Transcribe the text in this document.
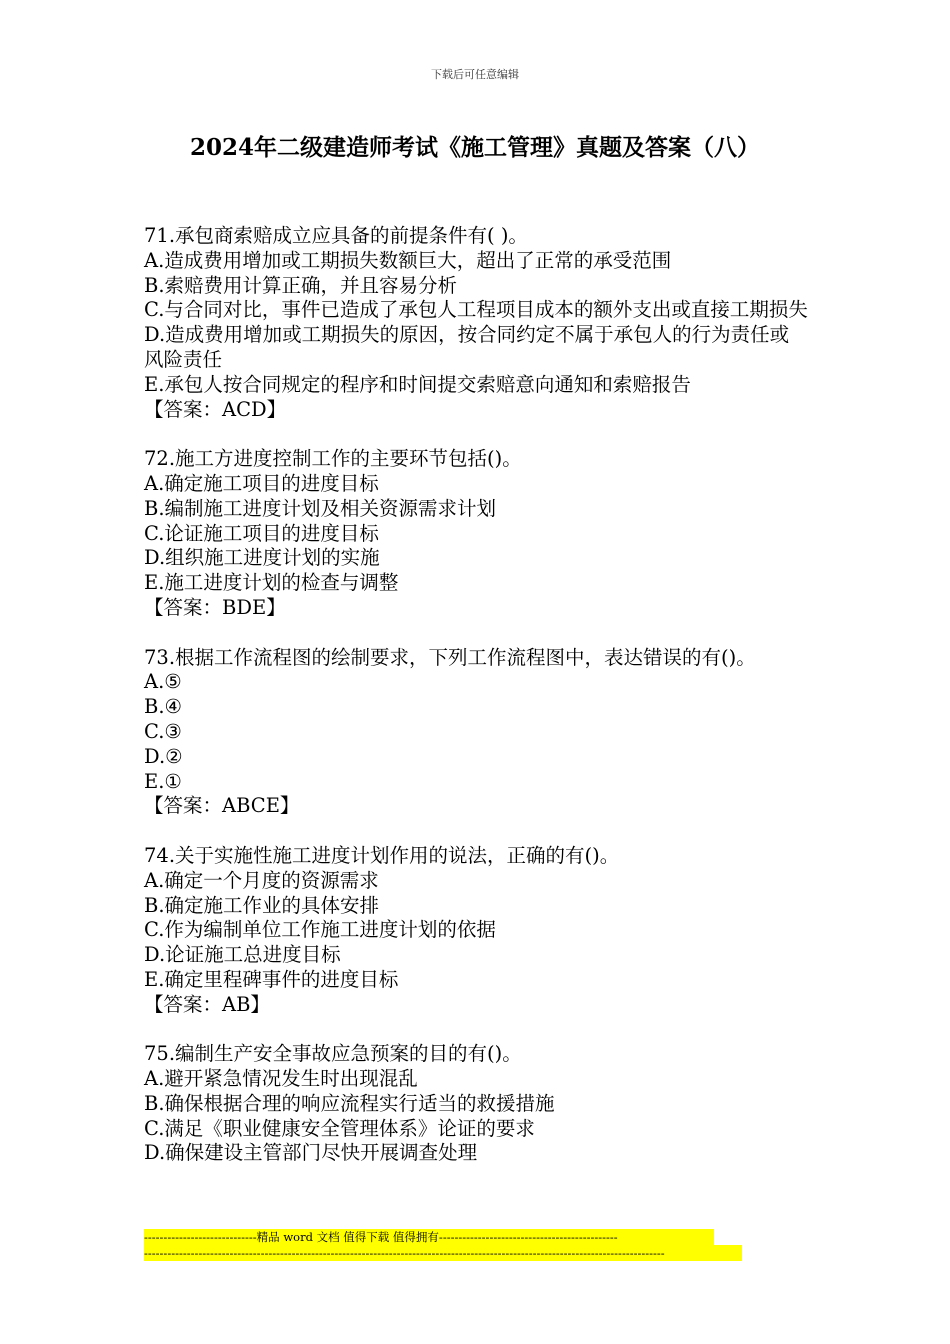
下载后可任意编辑
2024年二级建造师考试《施工管理》真题及答案（八）

71.承包商索赔成立应具备的前提条件有( )。

A.造成费用增加或工期损失数额巨大，超出了正常的承受范围

B.索赔费用计算正确，并且容易分析

C.与合同对比，事件已造成了承包人工程项目成本的额外支出或直接工期损失

D.造成费用增加或工期损失的原因，按合同约定不属于承包人的行为责任或风险责任

E.承包人按合同规定的程序和时间提交索赔意向通知和索赔报告

【答案：ACD】

72.施工方进度控制工作的主要环节包括()。

A.确定施工项目的进度目标

B.编制施工进度计划及相关资源需求计划

C.论证施工项目的进度目标

D.组织施工进度计划的实施

E.施工进度计划的检查与调整

【答案：BDE】

73.根据工作流程图的绘制要求，下列工作流程图中，表达错误的有()。

A.⑤

B.④

C.③

D.②

E.①

【答案：ABCE】

74.关于实施性施工进度计划作用的说法，正确的有()。

A.确定一个月度的资源需求

B.确定施工作业的具体安排

C.作为编制单位工作施工进度计划的依据

D.论证施工总进度目标

E.确定里程碑事件的进度目标

【答案：AB】

75.编制生产安全事故应急预案的目的有()。

A.避开紧急情况发生时出现混乱

B.确保根据合理的响应流程实行适当的救援措施

C.满足《职业健康安全管理体系》论证的要求

D.确保建设主管部门尽快开展调查处理

-----------------------------精品 word 文档 值得下载 值得拥有----------------------------------------------
--------------------------------------------------------------------------------------------------------------------------------------
